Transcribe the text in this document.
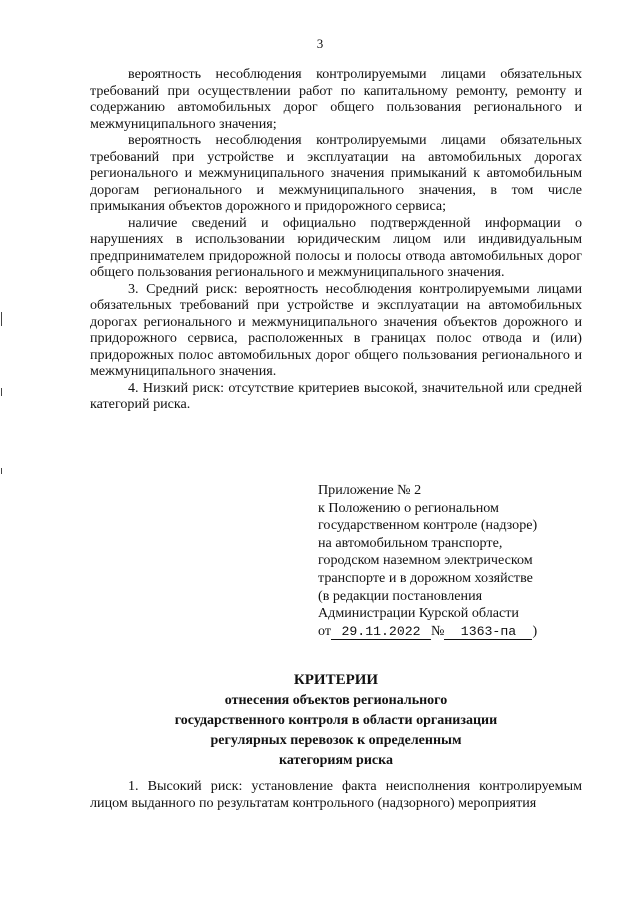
3

вероятность несоблюдения контролируемыми лицами обязательных требований при осуществлении работ по капитальному ремонту, ремонту и содержанию автомобильных дорог общего пользования регионального и межмуниципального значения;

вероятность несоблюдения контролируемыми лицами обязательных требований при устройстве и эксплуатации на автомобильных дорогах регионального и межмуниципального значения примыканий к автомобильным дорогам регионального и межмуниципального значения, в том числе примыкания объектов дорожного и придорожного сервиса;

наличие сведений и официально подтвержденной информации о нарушениях в использовании юридическим лицом или индивидуальным предпринимателем придорожной полосы и полосы отвода автомобильных дорог общего пользования регионального и межмуниципального значения.

3. Средний риск: вероятность несоблюдения контролируемыми лицами обязательных требований при устройстве и эксплуатации на автомобильных дорогах регионального и межмуниципального значения объектов дорожного и придорожного сервиса, расположенных в границах полос отвода и (или) придорожных полос автомобильных дорог общего пользования регионального и межмуниципального значения.

4. Низкий риск: отсутствие критериев высокой, значительной или средней категорий риска.

Приложение № 2
к Положению о региональном
государственном контроле (надзоре)
на автомобильном транспорте,
городском наземном электрическом
транспорте и в дорожном хозяйстве
(в редакции постановления
Администрации Курской области
от 29.11.2022 № 1363-па )
КРИТЕРИИ
отнесения объектов регионального
государственного контроля в области организации
регулярных перевозок к определенным
категориям риска

1. Высокий риск: установление факта неисполнения контролируемым лицом выданного по результатам контрольного (надзорного) мероприятия
